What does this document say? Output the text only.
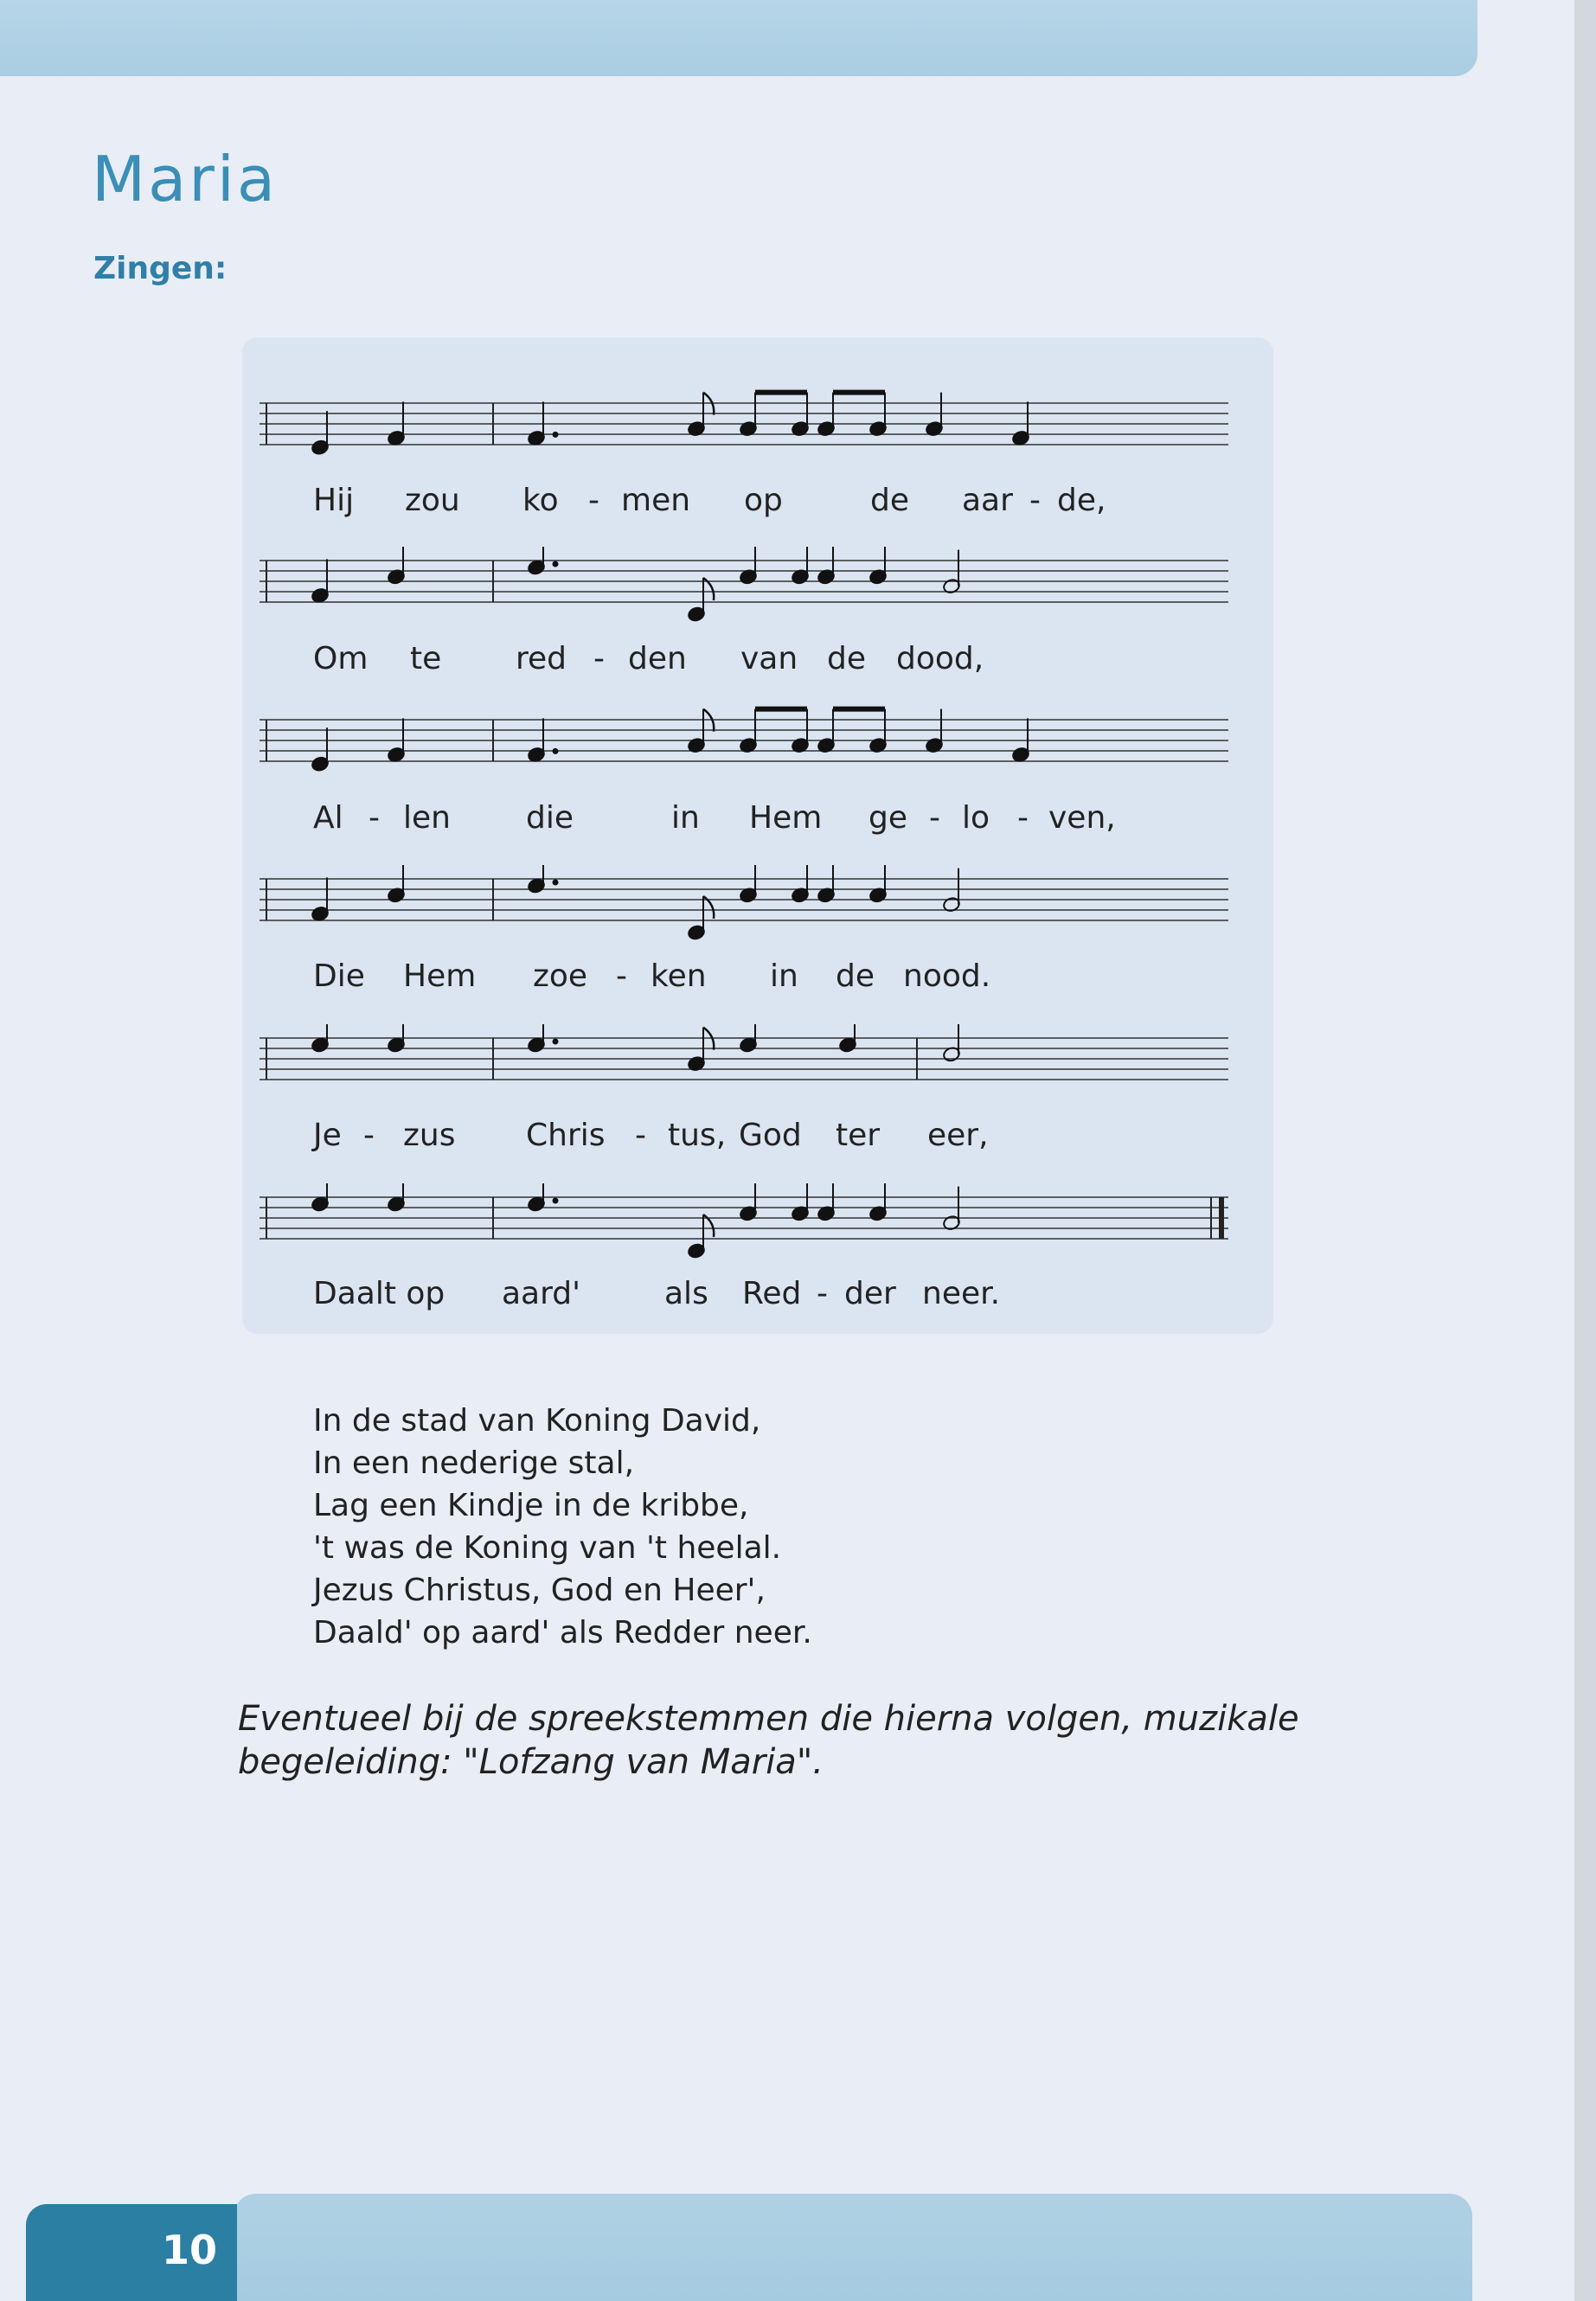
Maria
Zingen:
Hij zou ko - men op	de aar - de,
Om te red - den van de dood,
Al - len die	in Hem ge - lo - ven,
Die Hem zoe - ken in de nood.
Je - zus Chris - tus, God ter eer,
Daalt op aard'	als Red - der neer.
In de stad van Koning David,
In een nederige stal,
Lag een Kindje in de kribbe,
't was de Koning van 't heelal.
Jezus Christus, God en Heer',
Daald' op aard' als Redder neer.
Eventueel bij de spreekstemmen die hierna volgen, muzikale begeleiding: "Lofzang van Maria".
10
